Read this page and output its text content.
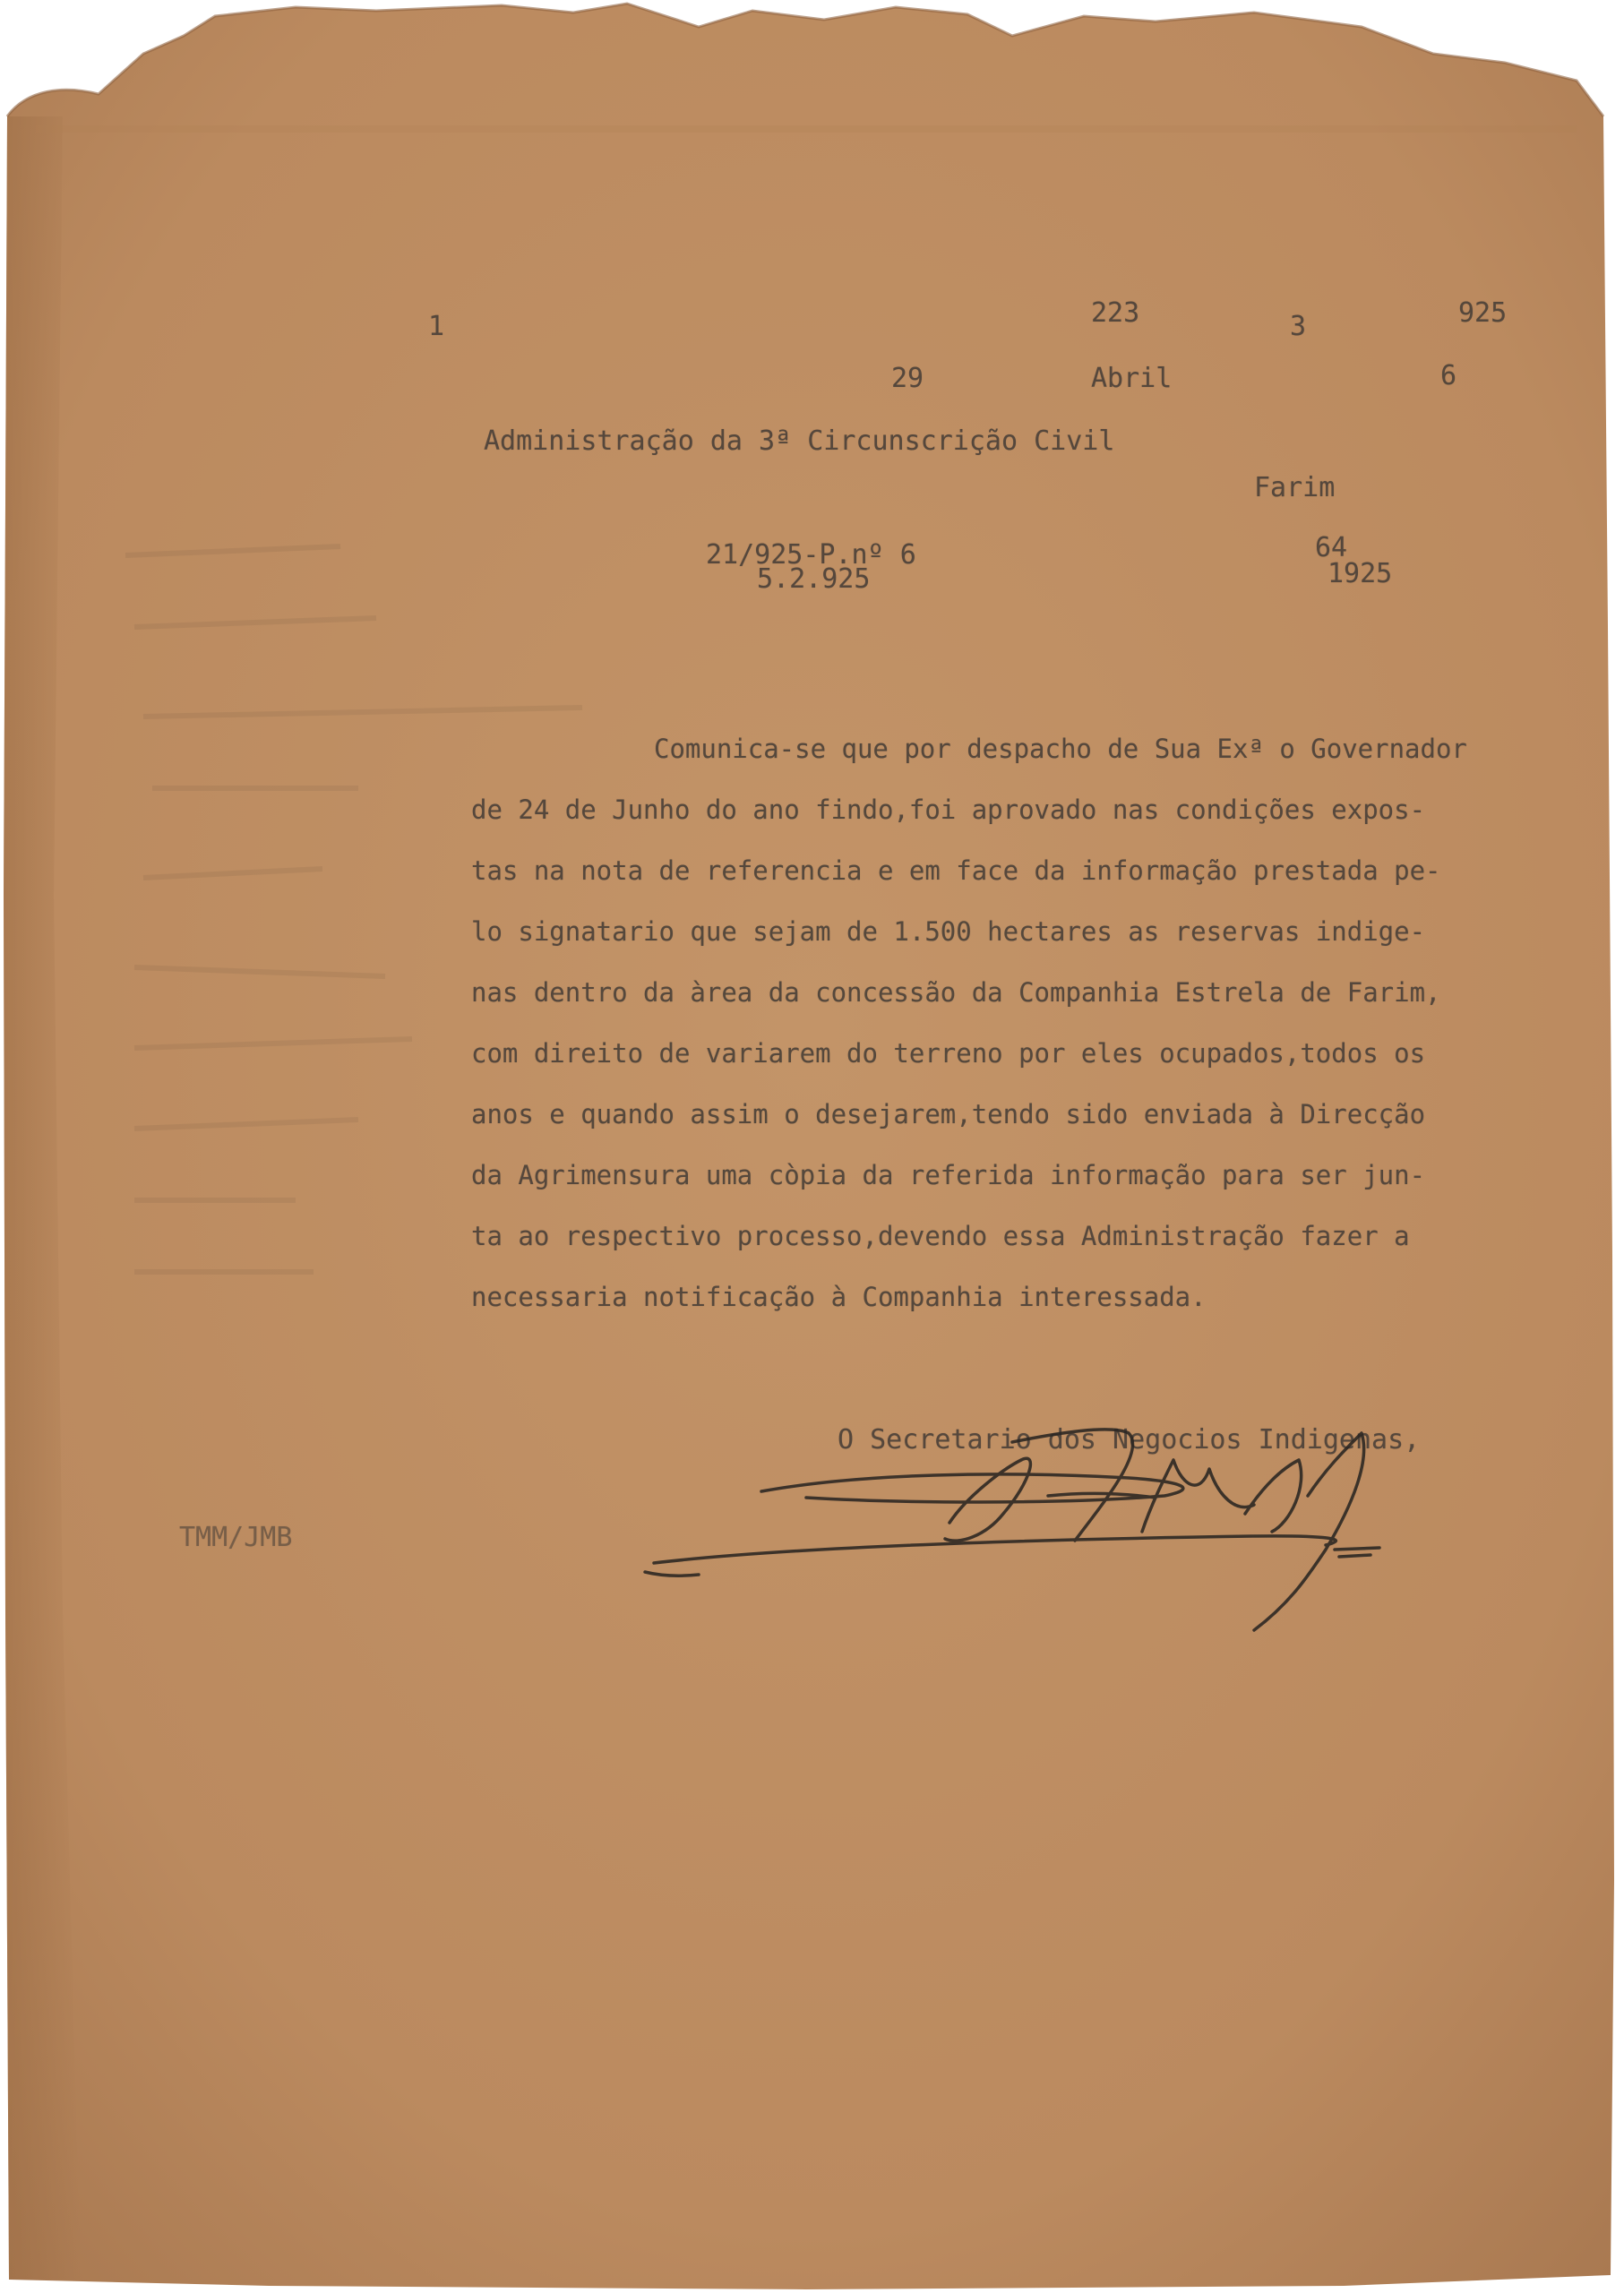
1	223	3	925

29	Abril	6

Administração da 3ª Circunscrição Civil

Farim

21/925-P.nº 6

5.2.925

64

1925

Comunica-se que por despacho de Sua Exª o Governador
de 24 de Junho do ano findo,foi aprovado nas condições expos-
tas na nota de referencia e em face da informação prestada pe-
lo signatario que sejam de 1.500 hectares as reservas indige-
nas dentro da àrea da concessão da Companhia Estrela de Farim,
com direito de variarem do terreno por eles ocupados,todos os
anos e quando assim o desejarem,tendo sido enviada à Direcção
da Agrimensura uma còpia da referida informação para ser jun-
ta ao respectivo processo,devendo essa Administração fazer a
necessaria notificação à Companhia interessada.

O Secretario dos Negocios Indigenas,

TMM/JMB
